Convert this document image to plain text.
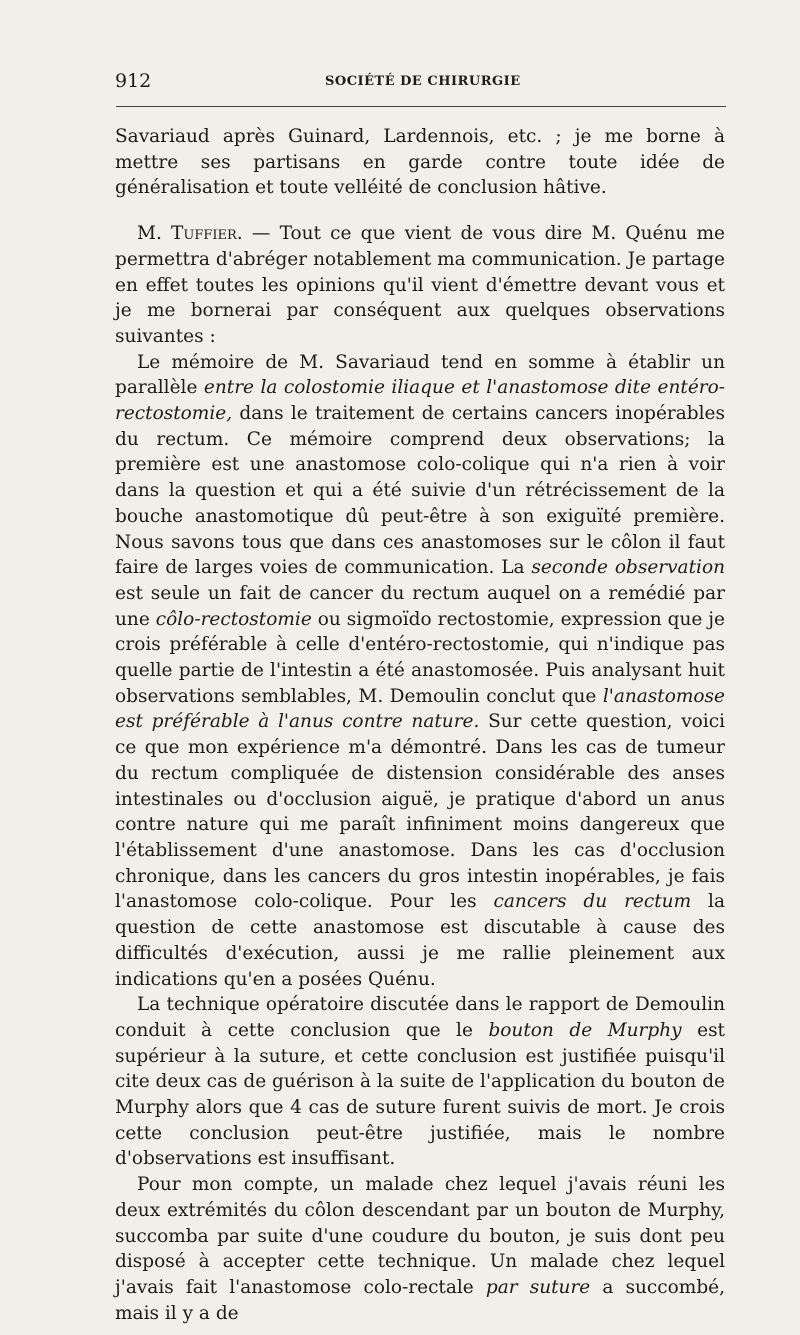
912	SOCIÉTÉ DE CHIRURGIE

Savariaud après Guinard, Lardennois, etc. ; je me borne à mettre ses partisans en garde contre toute idée de généralisation et toute velléité de conclusion hâtive.

M. Tuffier. — Tout ce que vient de vous dire M. Quénu me permettra d'abréger notablement ma communication. Je partage en effet toutes les opinions qu'il vient d'émettre devant vous et je me bornerai par conséquent aux quelques observations suivantes :

Le mémoire de M. Savariaud tend en somme à établir un parallèle entre la colostomie iliaque et l'anastomose dite entéro-rectostomie, dans le traitement de certains cancers inopérables du rectum. Ce mémoire comprend deux observations; la première est une anastomose colo-colique qui n'a rien à voir dans la question et qui a été suivie d'un rétrécissement de la bouche anastomotique dû peut-être à son exiguïté première. Nous savons tous que dans ces anastomoses sur le côlon il faut faire de larges voies de communication. La seconde observation est seule un fait de cancer du rectum auquel on a remédié par une côlo-rectostomie ou sigmoïdo rectostomie, expression que je crois préférable à celle d'entéro-rectostomie, qui n'indique pas quelle partie de l'intestin a été anastomosée. Puis analysant huit observations semblables, M. Demoulin conclut que l'anastomose est préférable à l'anus contre nature. Sur cette question, voici ce que mon expérience m'a démontré. Dans les cas de tumeur du rectum compliquée de distension considérable des anses intestinales ou d'occlusion aiguë, je pratique d'abord un anus contre nature qui me paraît infiniment moins dangereux que l'établissement d'une anastomose. Dans les cas d'occlusion chronique, dans les cancers du gros intestin inopérables, je fais l'anastomose colo-colique. Pour les cancers du rectum la question de cette anastomose est discutable à cause des difficultés d'exécution, aussi je me rallie pleinement aux indications qu'en a posées Quénu.

La technique opératoire discutée dans le rapport de Demoulin conduit à cette conclusion que le bouton de Murphy est supérieur à la suture, et cette conclusion est justifiée puisqu'il cite deux cas de guérison à la suite de l'application du bouton de Murphy alors que 4 cas de suture furent suivis de mort. Je crois cette conclusion peut-être justifiée, mais le nombre d'observations est insuffisant.

Pour mon compte, un malade chez lequel j'avais réuni les deux extrémités du côlon descendant par un bouton de Murphy, succomba par suite d'une coudure du bouton, je suis dont peu disposé à accepter cette technique. Un malade chez lequel j'avais fait l'anastomose colo-rectale par suture a succombé, mais il y a de
